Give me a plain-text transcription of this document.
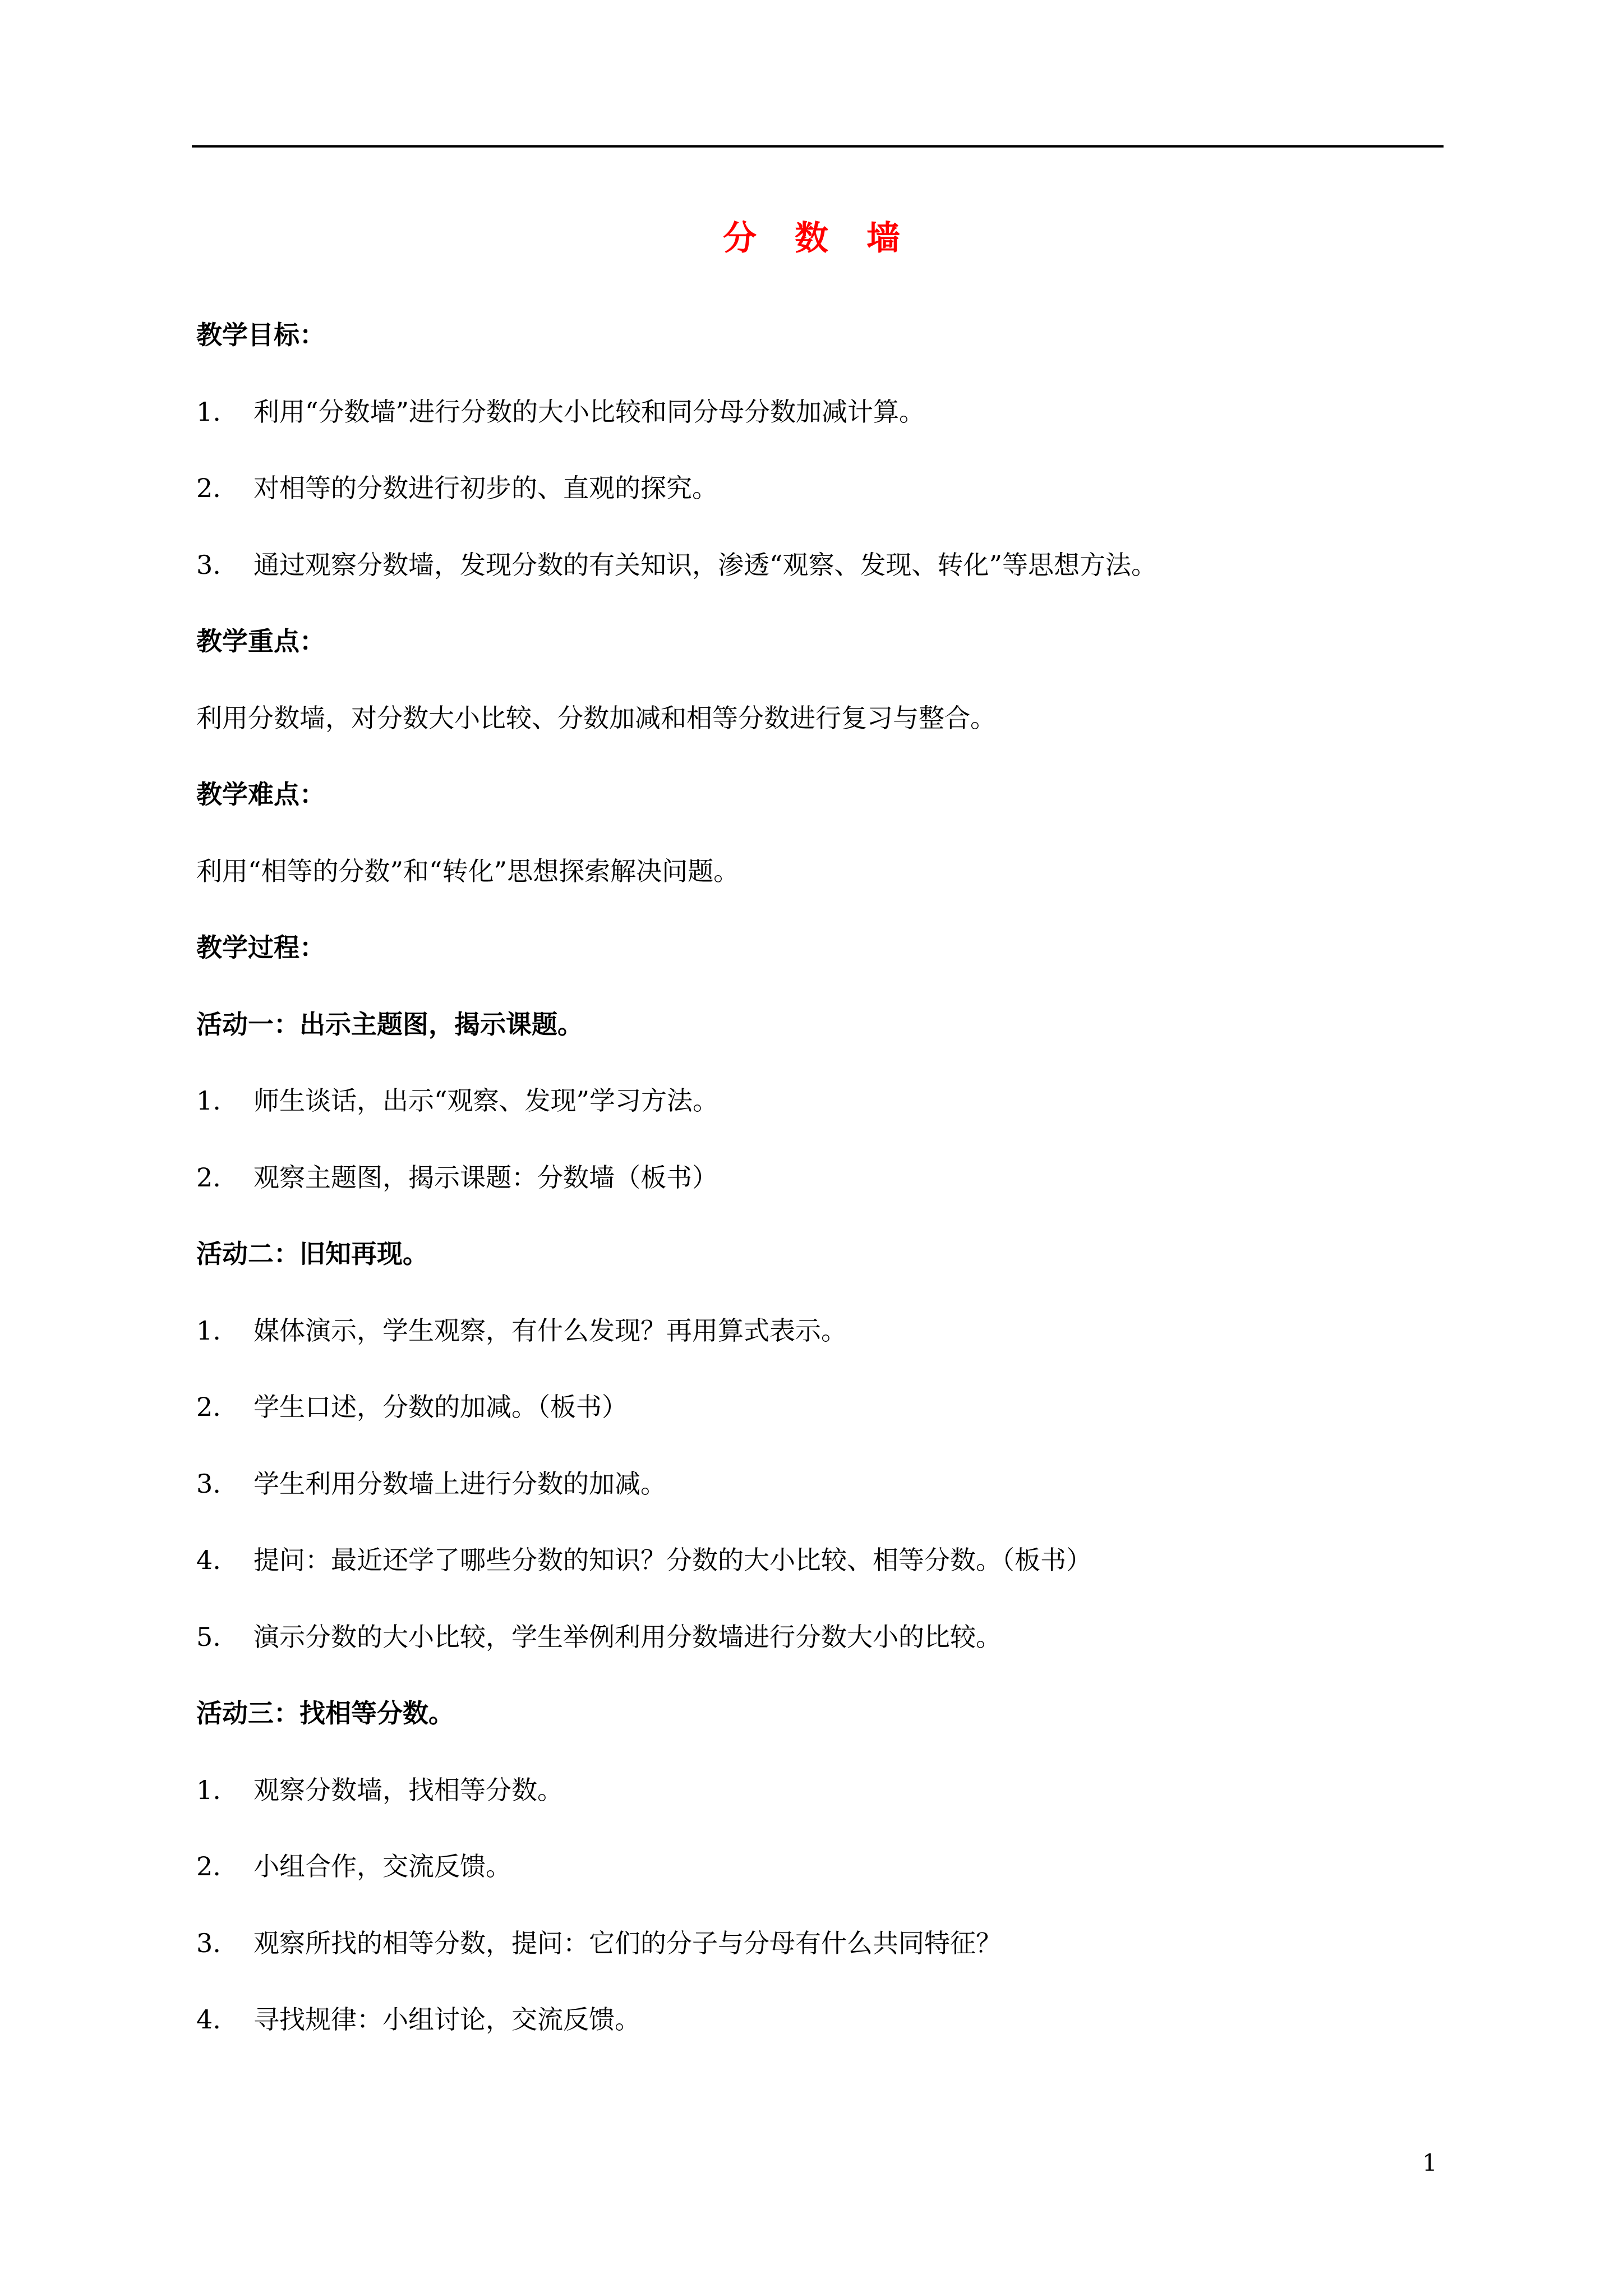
分数墙
教学目标：
1. 利用“分数墙”进行分数的大小比较和同分母分数加减计算。
2. 对相等的分数进行初步的、直观的探究。
3. 通过观察分数墙，发现分数的有关知识，渗透“观察、发现、转化”等思想方法。
教学重点：
利用分数墙，对分数大小比较、分数加减和相等分数进行复习与整合。
教学难点：
利用“相等的分数”和“转化”思想探索解决问题。
教学过程：
活动一：出示主题图，揭示课题。
1. 师生谈话，出示“观察、发现”学习方法。
2. 观察主题图，揭示课题：分数墙（板书）
活动二：旧知再现。
1. 媒体演示，学生观察，有什么发现？再用算式表示。
2. 学生口述，分数的加减。（板书）
3. 学生利用分数墙上进行分数的加减。
4. 提问：最近还学了哪些分数的知识？分数的大小比较、相等分数。（板书）
5. 演示分数的大小比较，学生举例利用分数墙进行分数大小的比较。
活动三：找相等分数。
1. 观察分数墙，找相等分数。
2. 小组合作，交流反馈。
3. 观察所找的相等分数，提问：它们的分子与分母有什么共同特征？
4. 寻找规律：小组讨论，交流反馈。
1
